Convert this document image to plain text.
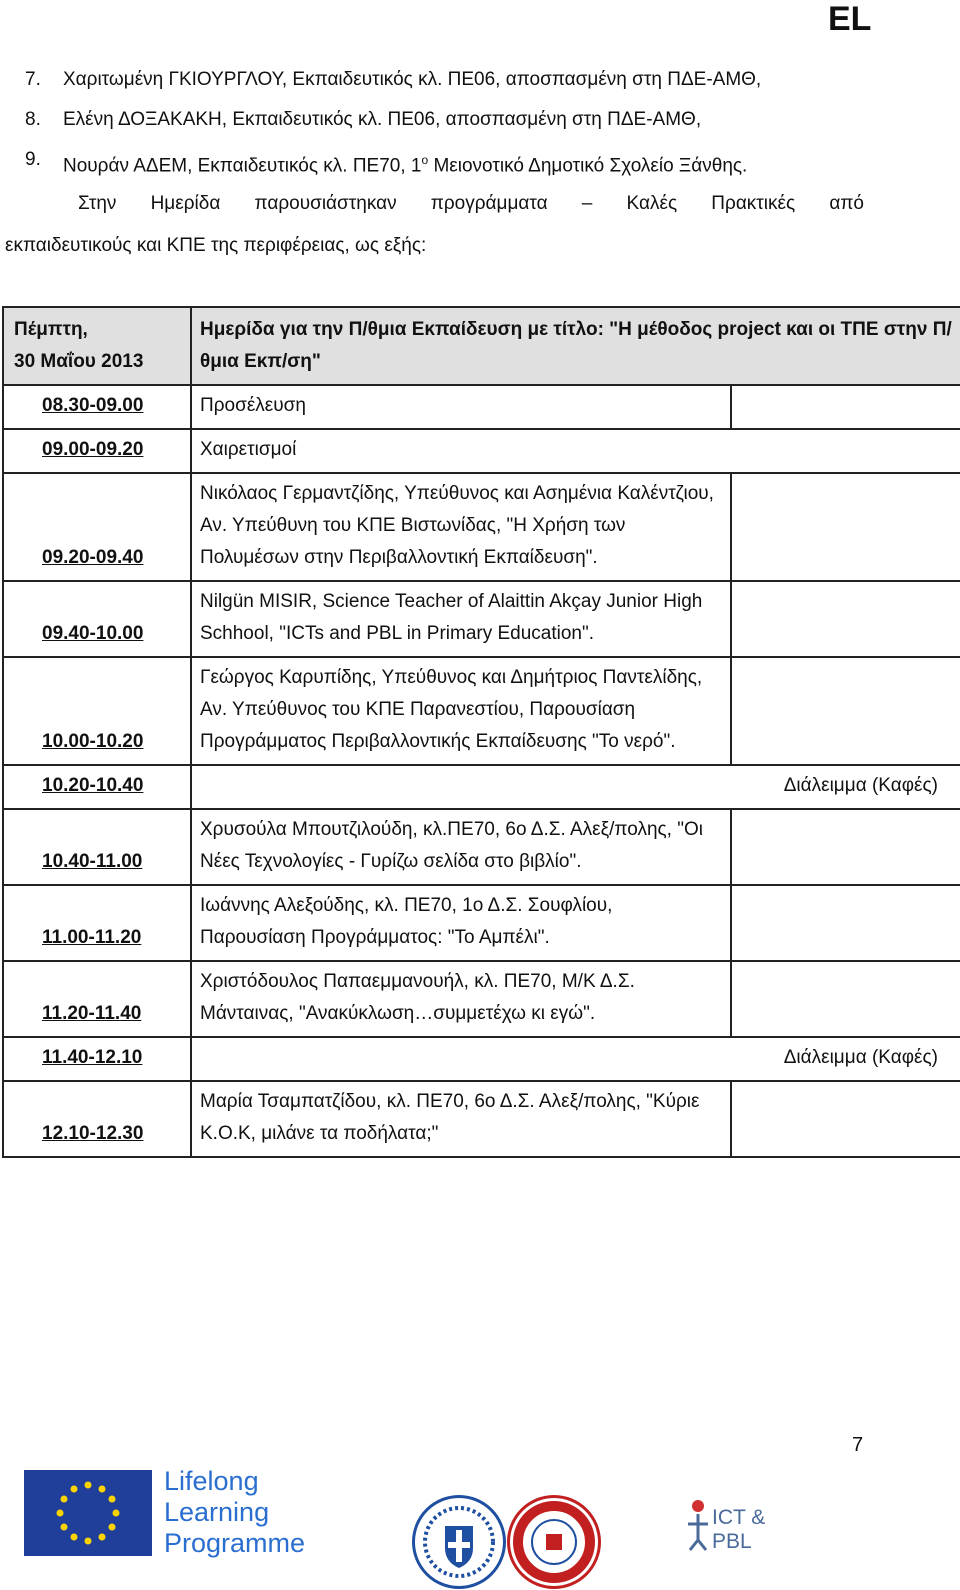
EL
7. Χαριτωμένη ΓΚΙΟΥΡΓΛΟΥ, Εκπαιδευτικός κλ. ΠΕ06, αποσπασμένη στη ΠΔΕ-ΑΜΘ,
8. Ελένη ΔΟΞΑΚΑΚΗ, Εκπαιδευτικός κλ. ΠΕ06, αποσπασμένη στη ΠΔΕ-ΑΜΘ,
9. Νουράν ΑΔΕΜ, Εκπαιδευτικός κλ. ΠΕ70, $1^o$ Μειονοτικό Δημοτικό Σχολείο Ξάνθης.
Στην Ημερίδα παρουσιάστηκαν προγράμματα – Καλές Πρακτικές από
εκπαιδευτικούς και ΚΠΕ της περιφέρειας, ως εξής:
Πέμπτη,
30 Μαΐου 2013	Ημερίδα για την Π/θμια Εκπαίδευση με τίτλο: "Η μέθοδος project και οι ΤΠΕ στην Π/θμια Εκπ/ση"	
08.30-09.00	Προσέλευση	
09.00-09.20	Χαιρετισμοί	
09.20-09.40	Νικόλαος Γερμαντζίδης, Υπεύθυνος και Ασημένια Καλέντζιου, Αν. Υπεύθυνη του ΚΠΕ Βιστωνίδας, "Η Χρήση των Πολυμέσων στην Περιβαλλοντική Εκπαίδευση".	
09.40-10.00	Nilgün MISIR, Science Teacher of Alaittin Akçay Junior High Schhool, "ICTs and PBL in Primary Education".	
10.00-10.20	Γεώργος Καρυπίδης, Υπεύθυνος και Δημήτριος Παντελίδης, Αν. Υπεύθυνος του ΚΠΕ Παρανεστίου, Παρουσίαση Προγράμματος Περιβαλλοντικής Εκπαίδευσης "Το νερό".	
10.20-10.40	Διάλειμμα (Καφές)	
10.40-11.00	Χρυσούλα Μπουτζιλούδη, κλ.ΠΕ70, 6ο Δ.Σ. Αλεξ/πολης, "Οι Νέες Τεχνολογίες - Γυρίζω σελίδα στο βιβλίο".	
11.00-11.20	Ιωάννης Αλεξούδης, κλ. ΠΕ70, 1ο Δ.Σ. Σουφλίου, Παρουσίαση Προγράμματος: "Το Αμπέλι".	
11.20-11.40	Χριστόδουλος Παπαεμμανουήλ, κλ. ΠΕ70, Μ/Κ Δ.Σ. Μάνταινας, "Ανακύκλωση…συμμετέχω κι εγώ".	
11.40-12.10	Διάλειμμα (Καφές)	
12.10-12.30	Μαρία Τσαμπατζίδου, κλ. ΠΕ70, 6ο Δ.Σ. Αλεξ/πολης, "Κύριε Κ.Ο.Κ, μιλάνε τα ποδήλατα;"	
7
Lifelong
Learning
Programme
ICT & PBL
